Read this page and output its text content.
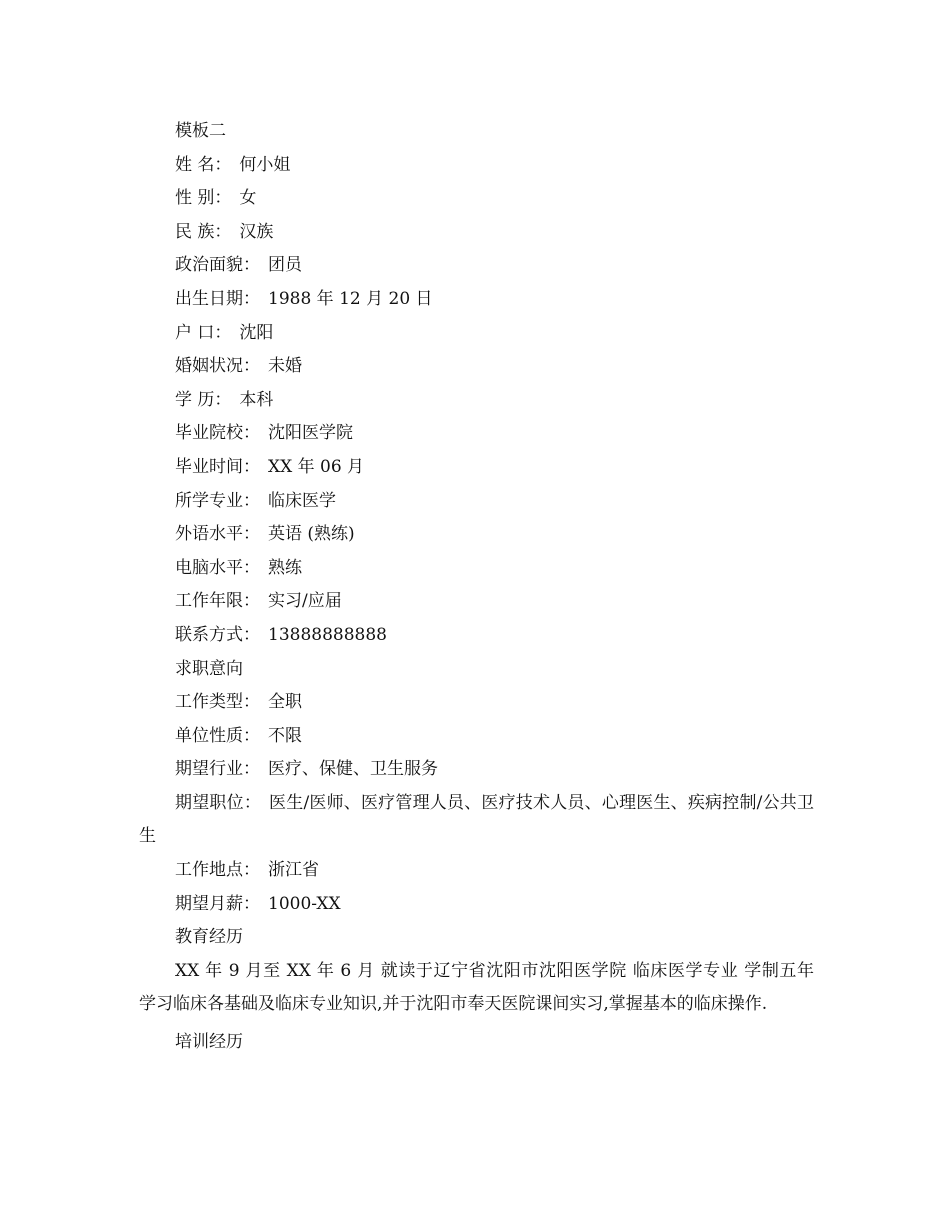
模板二
姓 名： 何小姐
性 别： 女
民 族： 汉族
政治面貌： 团员
出生日期： 1988 年 12 月 20 日
户 口： 沈阳
婚姻状况： 未婚
学 历： 本科
毕业院校： 沈阳医学院
毕业时间： XX 年 06 月
所学专业： 临床医学
外语水平： 英语 (熟练)
电脑水平： 熟练
工作年限： 实习/应届
联系方式： 13888888888
求职意向
工作类型： 全职
单位性质： 不限
期望行业： 医疗、保健、卫生服务
期望职位： 医生/医师、医疗管理人员、医疗技术人员、心理医生、疾病控制/公共卫生
工作地点： 浙江省
期望月薪： 1000-XX
教育经历
XX 年 9 月至 XX 年 6 月 就读于辽宁省沈阳市沈阳医学院 临床医学专业 学制五年 学习临床各基础及临床专业知识,并于沈阳市奉天医院课间实习,掌握基本的临床操作.
培训经历
